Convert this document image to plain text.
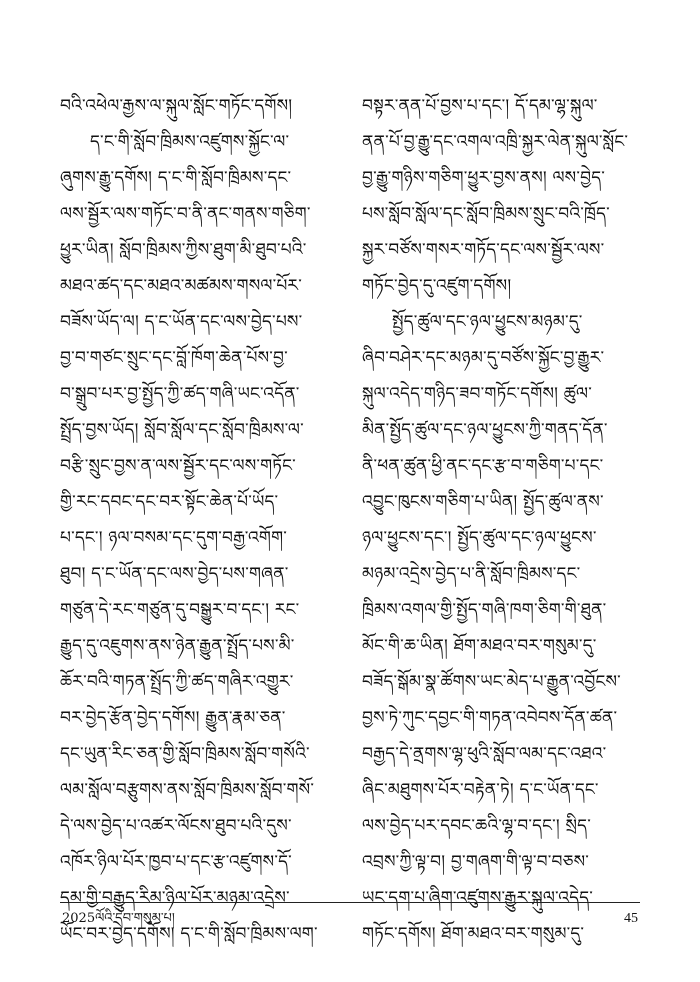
བའི་འཕེལ་རྒྱས་ལ་སྐུལ་སློང་གཏོང་དགོས།
ད་ང་གི་སློབ་ཁྲིམས་འཛུགས་སྐྱོང་ལ་
ཞུགས་རྒྱུ་དགོས། ད་ང་གི་སློབ་ཁྲིམས་དང་
ལས་སྦྱོར་ལས་གཏོང་བ་ནི་ནང་གནས་གཅིག་
ཕྱུར་ཡིན། སློབ་ཁྲིམས་ཀྱིས་ཐུག་མི་ཐུབ་པའི་
མཐའ་ཚད་དང་མཐའ་མཚམས་གསལ་པོར་
བཟོས་ཡོད་ལ། ད་ང་ཡོན་དང་ལས་བྱེད་པས་
བྱ་བ་གཙང་སྲུང་དང་བློ་ཁོག་ཆེན་པོས་བྱ་
བ་སྒྲུབ་པར་བྱ་སྤྱོད་ཀྱི་ཚད་གཞི་ཡང་འདོན་
སྤྲོད་བྱས་ཡོད། སློབ་སློལ་དང་སློབ་ཁྲིམས་ལ་
བརྩི་སྲུང་བྱས་ན་ལས་སྦྱོར་དང་ལས་གཏོང་
གྱི་རང་དབང་དང་བར་སྟོང་ཆེན་པོ་ཡོད་
པ་དང་། ཉལ་བསམ་དང་དུག་བརྒྱ་འགོག་
ཐུབ། ད་ང་ཡོན་དང་ལས་བྱེད་པས་གཞན་
གཙུན་དེ་རང་གཙུན་དུ་བསྒྱུར་བ་དང་། རང་
རྒྱུད་དུ་འཇུགས་ནས་ཉེན་རྒྱུན་སྤྲོད་པས་མི་
ཆོར་བའི་གཏན་སྤྲོད་ཀྱི་ཚད་གཞིར་འགྱུར་
བར་བྱེད་རྩོན་བྱེད་དགོས། རྒྱུན་རྣམ་ཅན་
དང་ཡུན་རིང་ཅན་གྱི་སློབ་ཁྲིམས་སློབ་གསོའི་
ལམ་སློལ་བརྩུགས་ནས་སློབ་ཁྲིམས་སློབ་གསོ་
དེ་ལས་བྱེད་པ་འཚར་ལོངས་ཐུབ་པའི་དུས་
འཁོར་ཉིལ་པོར་ཁྱབ་པ་དང་རྩ་འཛུགས་དོ་
དམ་གྱི་བརྒྱུད་རིམ་ཉིལ་པོར་མཉམ་འདྲེས་
ཡོང་བར་བྱེད་དགོས། ད་ང་གི་སློབ་ཁྲིམས་ལག་
བསྟར་ནན་པོ་བྱས་པ་དང་། དོ་དམ་ལྷ་སྐུལ་
ནན་པོ་བྱ་རྒྱུ་དང་འགལ་འཁྲི་སྐྱར་ལེན་སྐུལ་སློང་
བྱ་རྒྱུ་གཉིས་གཅིག་ཕྱུར་བྱས་ནས། ལས་བྱེད་
པས་སློབ་སློལ་དང་སློབ་ཁྲིམས་སྲུང་བའི་ཁྲོད་
སྐྱར་བཙོས་གསར་གཏོད་དང་ལས་སྦྱོར་ལས་
གཏོང་བྱེད་དུ་འཛུག་དགོས།
སྤྱོད་ཚུལ་དང་ཉལ་ཕྱུངས་མཉམ་དུ་
ཞིབ་བཤེར་དང་མཉམ་དུ་བཙོས་སྐྱོང་བྱ་རྒྱུར་
སྐུལ་འདེད་གཉིད་ཟབ་གཏོང་དགོས། ཚུལ་
མིན་སྤྱོད་ཚུལ་དང་ཉལ་ཕྱུངས་ཀྱི་གནད་དོན་
ནི་ཕན་ཚུན་ཕྱི་ནང་དང་རྩ་བ་གཅིག་པ་དང་
འབྱུང་ཁུངས་གཅིག་པ་ཡིན། སྤྱོད་ཚུལ་ནས་
ཉལ་ཕྱུངས་དང་། སྤྱོད་ཚུལ་དང་ཉལ་ཕྱུངས་
མཉམ་འདྲེས་བྱེད་པ་ནི་སློབ་ཁྲིམས་དང་
ཁྲིམས་འགལ་གྱི་སྤྱོད་གཞི་ཁག་ཅིག་གི་ཐུན་
མོང་གི་ཆ་ཡིན། ཐོག་མཐའ་བར་གསུམ་དུ་
བཟོད་སྒོམ་སྣ་ཚོགས་ཡང་མེད་པ་རྒྱུན་འབྱོངས་
བྱས་ཏེ་ཀུང་དབྱང་གི་གཏན་འབེབས་དོན་ཚན་
བརྒྱད་དེ་ནྲགས་ལྷ་ཕུའི་སློབ་ལམ་དང་འཐའ་
ཞིང་མཐུགས་པོར་བརྟེན་ཏེ། ད་ང་ཡོན་དང་
ལས་བྱེད་པར་དབང་ཆའི་ལྷ་བ་དང་། སྲིད་
འབྲས་ཀྱི་ལྟ་བ། བྱ་གཞག་གི་ལྟ་བ་བཅས་
ཡང་དག་པ་ཞིག་འཛུགས་རྒྱུར་སྐུལ་འདེད་
གཏོང་དགོས། ཐོག་མཐའ་བར་གསུམ་དུ་
2025ལོའི་དེབ་གསུམ་པ།	45
